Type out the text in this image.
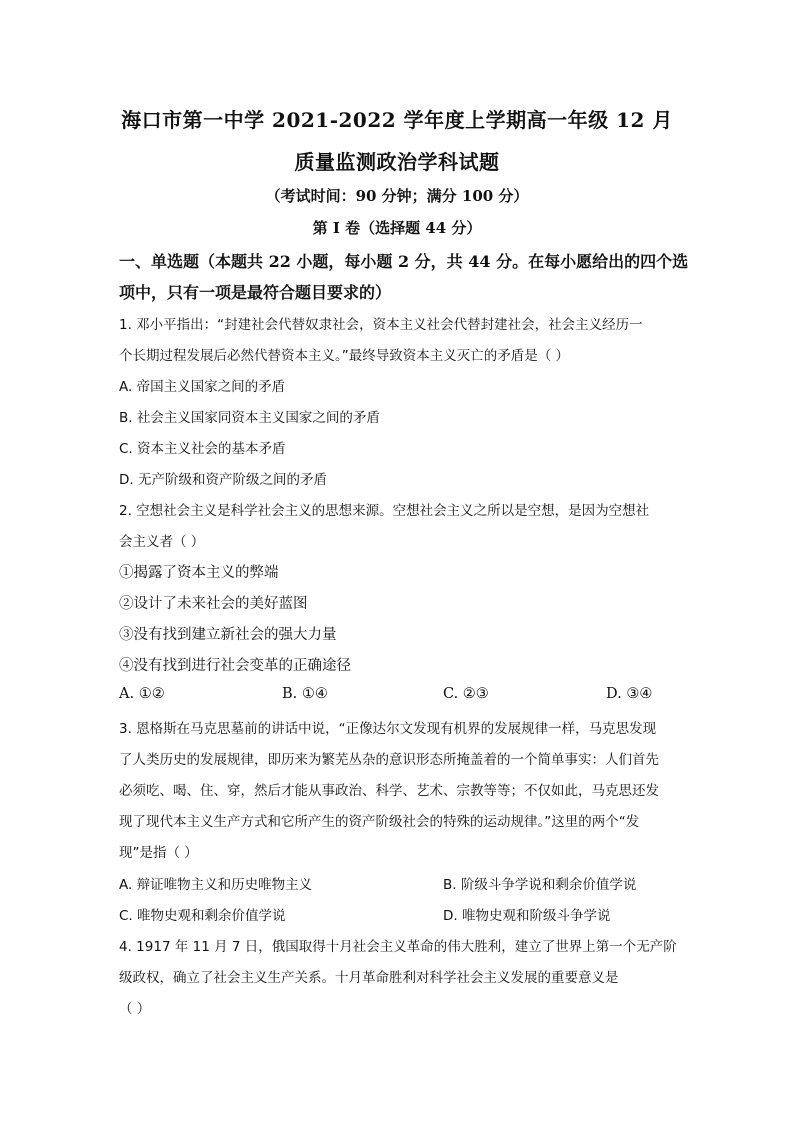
海口市第一中学 2021-2022 学年度上学期高一年级 12 月
质量监测政治学科试题
（考试时间：90 分钟；满分 100 分）
第 I 卷（选择题 44 分）
一、单选题（本题共 22 小题，每小题 2 分，共 44 分。在每小愿给出的四个选
项中，只有一项是最符合题目要求的）
1. 邓小平指出：“封建社会代替奴隶社会，资本主义社会代替封建社会，社会主义经历一
个长期过程发展后必然代替资本主义。”最终导致资本主义灭亡的矛盾是（ ）
A. 帝国主义国家之间的矛盾
B. 社会主义国家同资本主义国家之间的矛盾
C. 资本主义社会的基本矛盾
D. 无产阶级和资产阶级之间的矛盾
2. 空想社会主义是科学社会主义的思想来源。空想社会主义之所以是空想，是因为空想社
会主义者（ ）
①揭露了资本主义的弊端
②设计了未来社会的美好蓝图
③没有找到建立新社会的强大力量
④没有找到进行社会变革的正确途径
A. ①②	B. ①④	C. ②③	D. ③④
3. 恩格斯在马克思墓前的讲话中说，“正像达尔文发现有机界的发展规律一样，马克思发现
了人类历史的发展规律，即历来为繁芜丛杂的意识形态所掩盖着的一个简单事实：人们首先
必须吃、喝、住、穿，然后才能从事政治、科学、艺术、宗教等等；不仅如此，马克思还发
现了现代本主义生产方式和它所产生的资产阶级社会的特殊的运动规律。”这里的两个“发
现”是指（ ）
A. 辩证唯物主义和历史唯物主义	B. 阶级斗争学说和剩余价值学说
C. 唯物史观和剩余价值学说	D. 唯物史观和阶级斗争学说
4. 1917 年 11 月 7 日，俄国取得十月社会主义革命的伟大胜利，建立了世界上第一个无产阶
级政权，确立了社会主义生产关系。十月革命胜利对科学社会主义发展的重要意义是
（ ）
